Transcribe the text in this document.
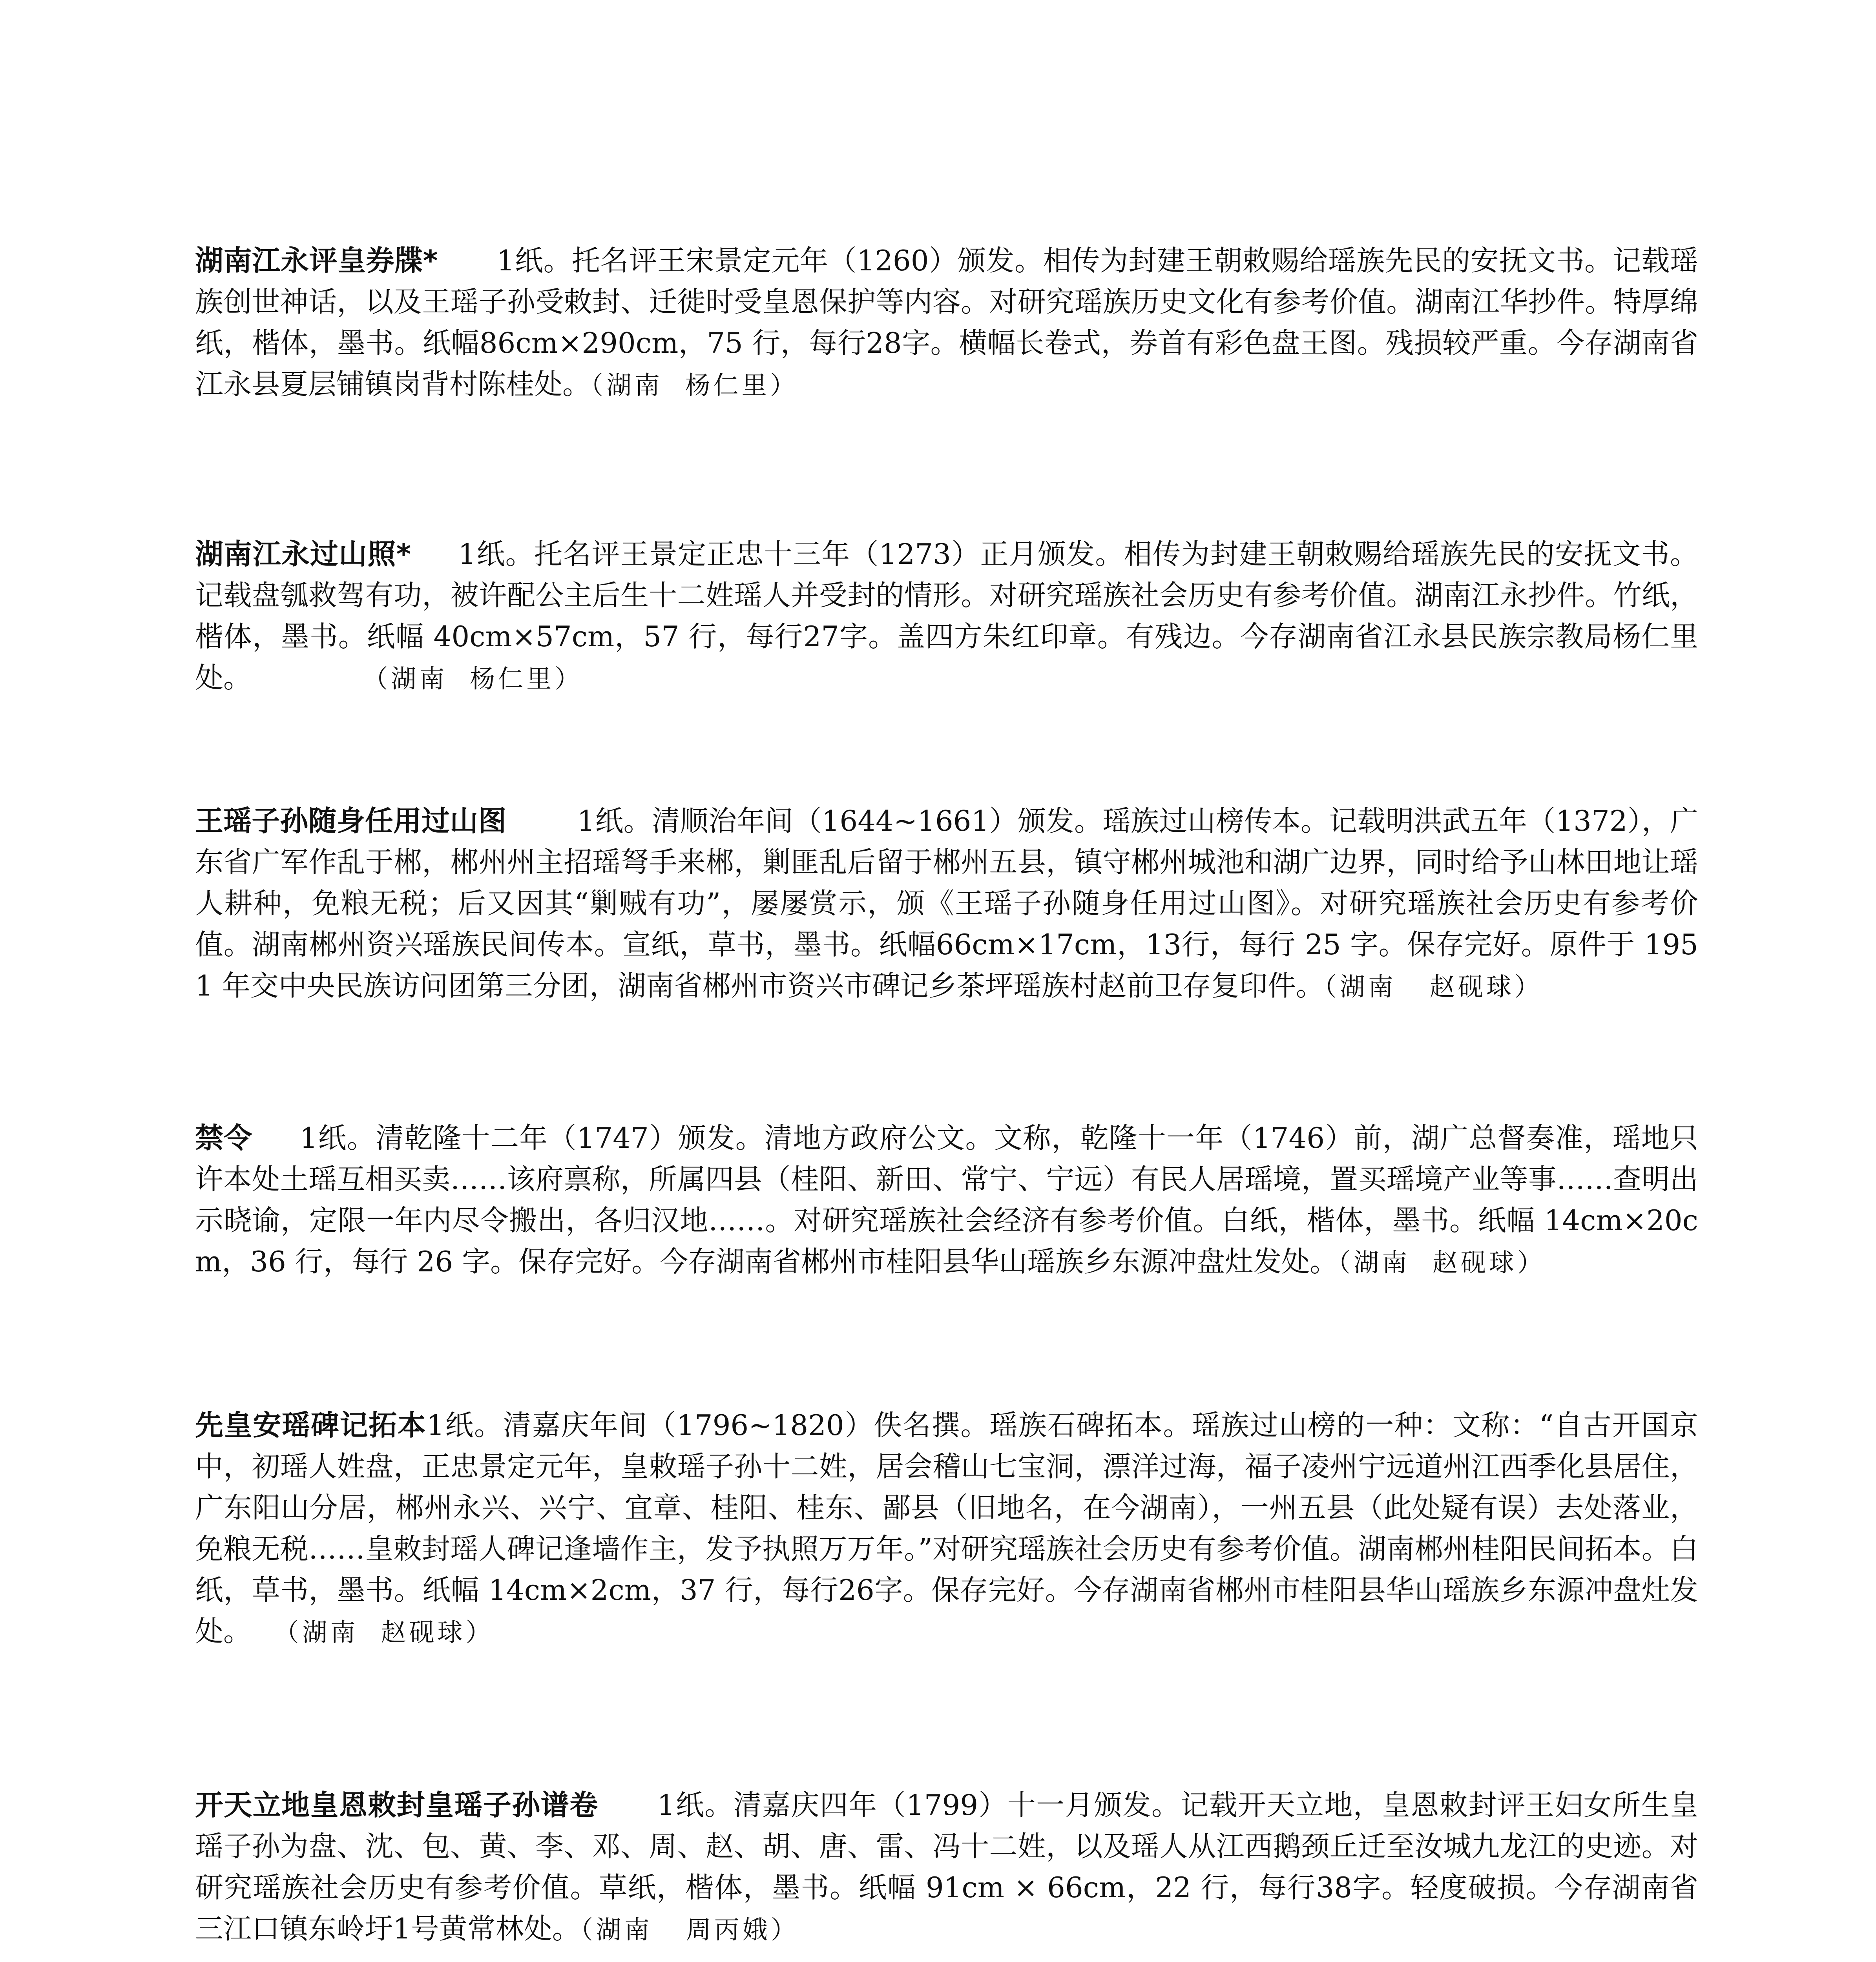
湖南江永评皇券牒* 1纸。托名评王宋景定元年（1260）颁发。相传为封建王朝敕赐给瑶族先民的安抚文书。记载瑶族创世神话，以及王瑶子孙受敕封、迁徙时受皇恩保护等内容。对研究瑶族历史文化有参考价值。湖南江华抄件。特厚绵纸，楷体，墨书。纸幅86cm×290cm，75 行，每行28字。横幅长卷式，券首有彩色盘王图。残损较严重。今存湖南省江永县夏层铺镇岗背村陈桂处。（湖南  杨仁里）

湖南江永过山照* 1纸。托名评王景定正忠十三年（1273）正月颁发。相传为封建王朝敕赐给瑶族先民的安抚文书。记载盘瓠救驾有功，被许配公主后生十二姓瑶人并受封的情形。对研究瑶族社会历史有参考价值。湖南江永抄件。竹纸，楷体，墨书。纸幅 40cm×57cm，57 行，每行27字。盖四方朱红印章。有残边。今存湖南省江永县民族宗教局杨仁里处。          （湖南  杨仁里）

王瑶子孙随身任用过山图	1纸。清顺治年间（1644~1661）颁发。瑶族过山榜传本。记载明洪武五年（1372），广东省广军作乱于郴，郴州州主招瑶弩手来郴，剿匪乱后留于郴州五县，镇守郴州城池和湖广边界，同时给予山林田地让瑶人耕种，免粮无税；后又因其“剿贼有功”，屡屡赏示，颁《王瑶子孙随身任用过山图》。对研究瑶族社会历史有参考价值。湖南郴州资兴瑶族民间传本。宣纸，草书，墨书。纸幅66cm×17cm，13行，每行 25 字。保存完好。原件于 1951 年交中央民族访问团第三分团，湖南省郴州市资兴市碑记乡茶坪瑶族村赵前卫存复印件。（湖南   赵砚球）

禁令 1纸。清乾隆十二年（1747）颁发。清地方政府公文。文称，乾隆十一年（1746）前，湖广总督奏准，瑶地只许本处土瑶互相买卖……该府禀称，所属四县（桂阳、新田、常宁、宁远）有民人居瑶境，置买瑶境产业等事……查明出示晓谕，定限一年内尽令搬出，各归汉地……。对研究瑶族社会经济有参考价值。白纸，楷体，墨书。纸幅 14cm×20cm，36 行，每行 26 字。保存完好。今存湖南省郴州市桂阳县华山瑶族乡东源冲盘灶发处。（湖南  赵砚球）

先皇安瑶碑记拓本1纸。清嘉庆年间（1796~1820）佚名撰。瑶族石碑拓本。瑶族过山榜的一种：文称：“自古开国京中，初瑶人姓盘，正忠景定元年，皇敕瑶子孙十二姓，居会稽山七宝洞，漂洋过海，福子凌州宁远道州江西季化县居住，广东阳山分居，郴州永兴、兴宁、宜章、桂阳、桂东、鄙县（旧地名，在今湖南），一州五县（此处疑有误）去处落业，免粮无税……皇敕封瑶人碑记逢墙作主，发予执照万万年。”对研究瑶族社会历史有参考价值。湖南郴州桂阳民间拓本。白纸，草书，墨书。纸幅 14cm×2cm，37 行，每行26字。保存完好。今存湖南省郴州市桂阳县华山瑶族乡东源冲盘灶发处。  （湖南  赵砚球）

开天立地皇恩敕封皇瑶子孙谱卷 1纸。清嘉庆四年（1799）十一月颁发。记载开天立地，皇恩敕封评王妇女所生皇瑶子孙为盘、沈、包、黄、李、邓、周、赵、胡、唐、雷、冯十二姓，以及瑶人从江西鹅颈丘迁至汝城九龙江的史迹。对研究瑶族社会历史有参考价值。草纸，楷体，墨书。纸幅 91cm × 66cm，22 行，每行38字。轻度破损。今存湖南省三江口镇东岭圩1号黄常林处。（湖南   周丙娥）
